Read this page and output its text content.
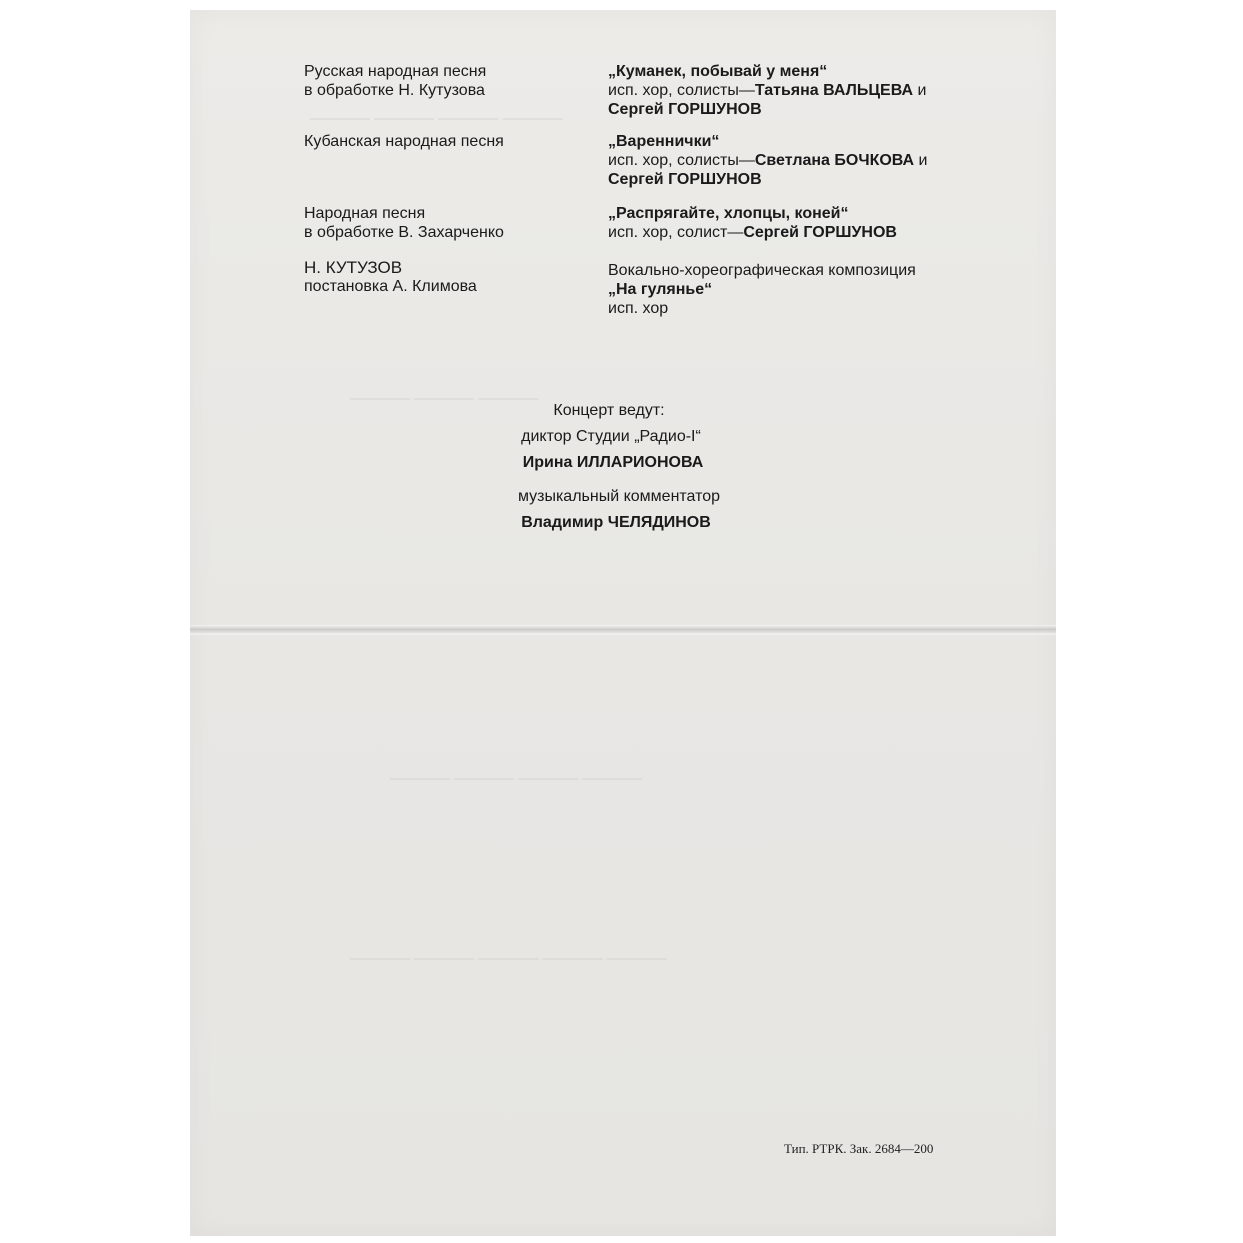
———— ———— ———— ————
———— ———— ————
———— ———— ———— ————
———— ———— ———— ———— ————
Русская народная песня
в обработке Н. Кутузова
„Куманек, побывай у меня“
исп. хор, солисты—Татьяна ВАЛЬЦЕВА и
Сергей ГОРШУНОВ
Кубанская народная песня	„Вареннички“
исп. хор, солисты—Светлана БОЧКОВА и
Сергей ГОРШУНОВ
Народная песня
в обработке В. Захарченко
„Распрягайте, хлопцы, коней“
исп. хор, солист—Сергей ГОРШУНОВ
Н. КУТУЗОВ
постановка А. Климова
Вокально-хореографическая композиция
„На гулянье“
исп. хор
Концерт ведут:
диктор Студии „Радио-I“
Ирина ИЛЛАРИОНОВА
музыкальный комментатор
Владимир ЧЕЛЯДИНОВ
Тип. РТРК. Зак. 2684—200
